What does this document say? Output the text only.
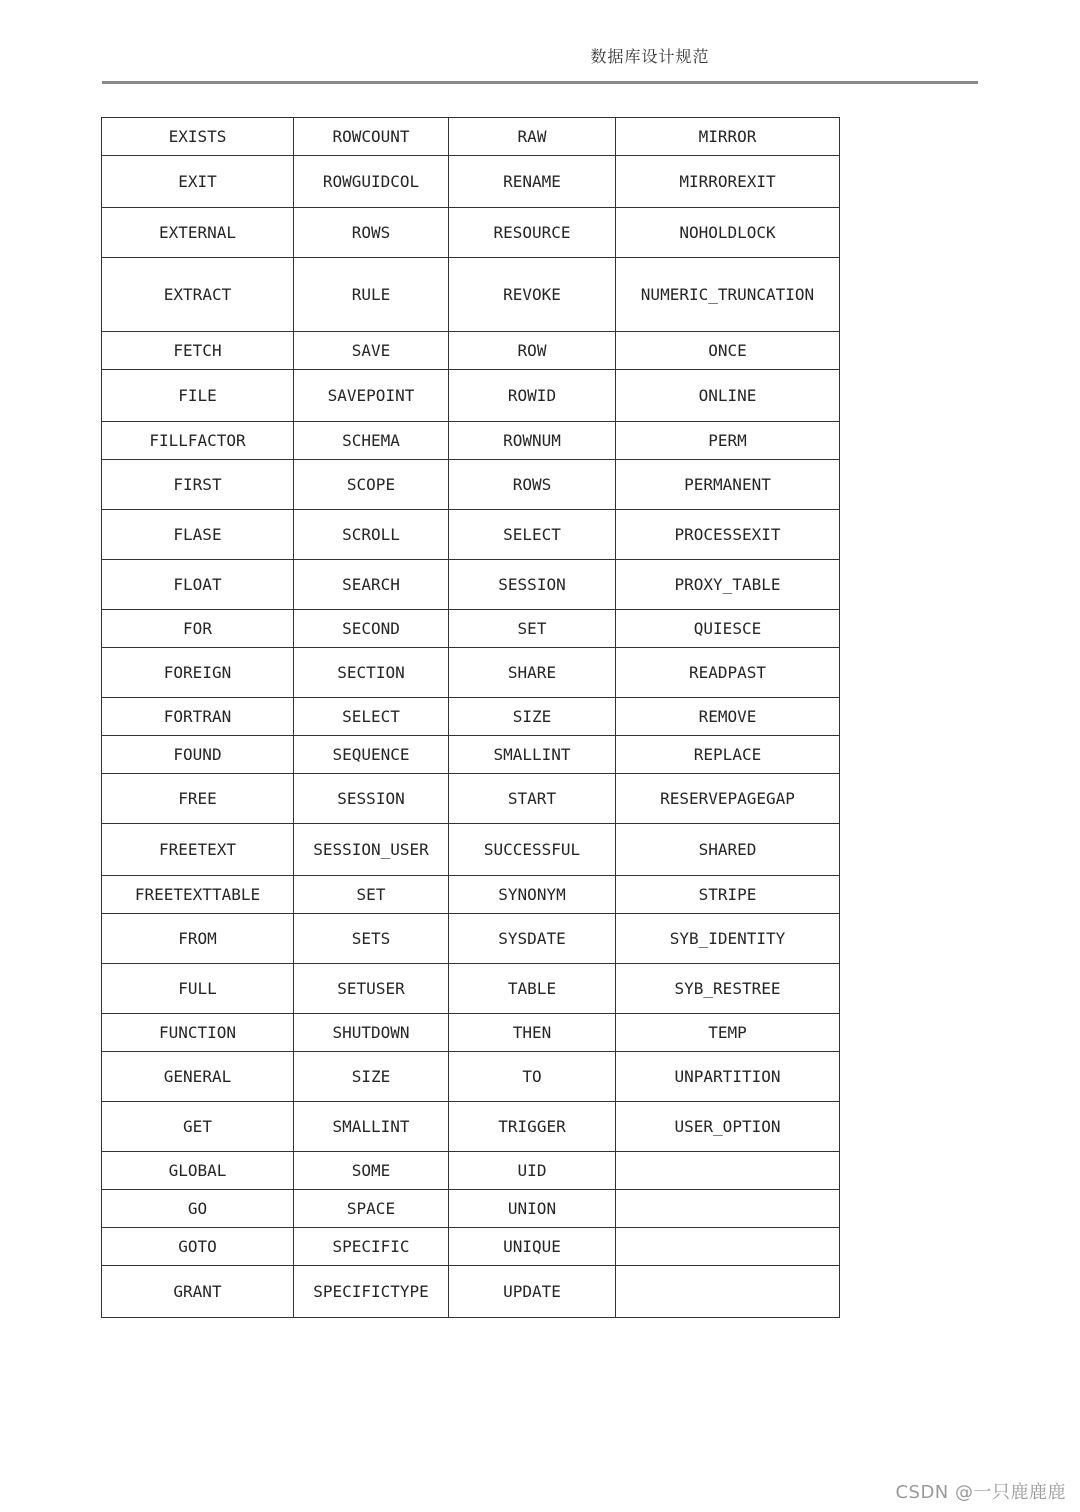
数据库设计规范
EXISTS	ROWCOUNT	RAW	MIRROR
EXIT	ROWGUIDCOL	RENAME	MIRROREXIT
EXTERNAL	ROWS	RESOURCE	NOHOLDLOCK
EXTRACT	RULE	REVOKE	NUMERIC_TRUNCATION
FETCH	SAVE	ROW	ONCE
FILE	SAVEPOINT	ROWID	ONLINE
FILLFACTOR	SCHEMA	ROWNUM	PERM
FIRST	SCOPE	ROWS	PERMANENT
FLASE	SCROLL	SELECT	PROCESSEXIT
FLOAT	SEARCH	SESSION	PROXY_TABLE
FOR	SECOND	SET	QUIESCE
FOREIGN	SECTION	SHARE	READPAST
FORTRAN	SELECT	SIZE	REMOVE
FOUND	SEQUENCE	SMALLINT	REPLACE
FREE	SESSION	START	RESERVEPAGEGAP
FREETEXT	SESSION_USER	SUCCESSFUL	SHARED
FREETEXTTABLE	SET	SYNONYM	STRIPE
FROM	SETS	SYSDATE	SYB_IDENTITY
FULL	SETUSER	TABLE	SYB_RESTREE
FUNCTION	SHUTDOWN	THEN	TEMP
GENERAL	SIZE	TO	UNPARTITION
GET	SMALLINT	TRIGGER	USER_OPTION
GLOBAL	SOME	UID	
GO	SPACE	UNION	
GOTO	SPECIFIC	UNIQUE	
GRANT	SPECIFICTYPE	UPDATE	
CSDN @一只鹿鹿鹿
